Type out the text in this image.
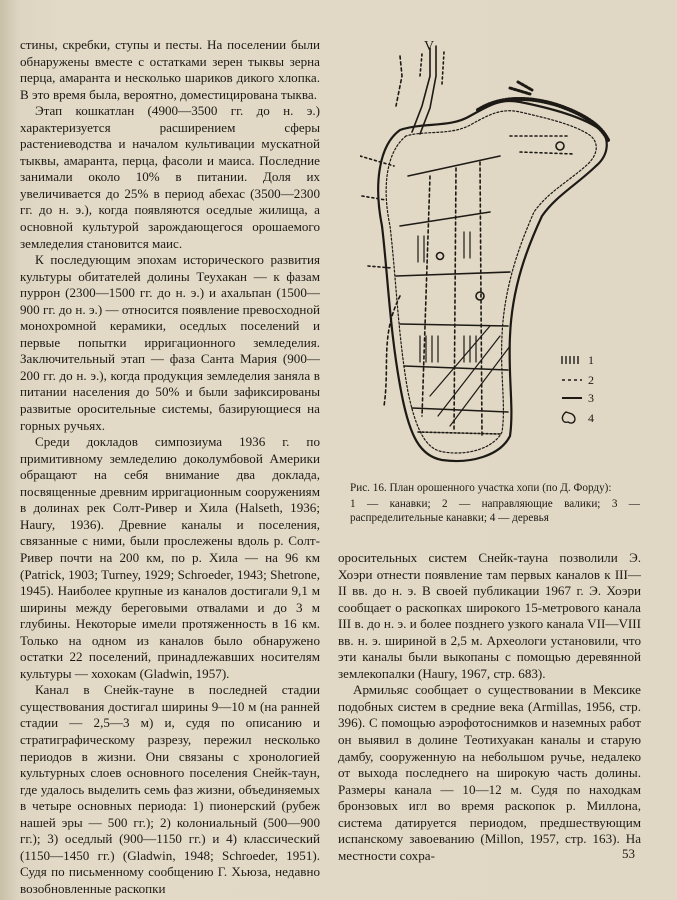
стины, скребки, ступы и песты. На поселении были обнаружены вместе с остатками зерен тыквы зерна перца, амаранта и несколько шариков дикого хлопка. В это время была, вероятно, доместицирована тыква.

Этап кошкатлан (4900—3500 гг. до н. э.) характеризуется расширением сферы растениеводства и началом культивации мускатной тыквы, амаранта, перца, фасоли и маиса. Последние занимали около 10% в питании. Доля их увеличивается до 25% в период абехас (3500—2300 гг. до н. э.), когда появляются оседлые жилища, а основной культурой зарождающегося орошаемого земледелия становится маис.

К последующим эпохам исторического развития культуры обитателей долины Теухакан — к фазам пуррон (2300—1500 гг. до н. э.) и ахальпан (1500—900 гг. до н. э.) — относится появление превосходной монохромной керамики, оседлых поселений и первые попытки ирригационного земледелия. Заключительный этап — фаза Санта Мария (900—200 гг. до н. э.), когда продукция земледелия заняла в питании населения до 50% и были зафиксированы развитые оросительные системы, базирующиеся на горных ручьях.

Среди докладов симпозиума 1936 г. по примитивному земледелию доколумбовой Америки обращают на себя внимание два доклада, посвященные древним ирригационным сооружениям в долинах рек Солт-Ривер и Хила (Halseth, 1936; Haury, 1936). Древние каналы и поселения, связанные с ними, были прослежены вдоль р. Солт-Ривер почти на 200 км, по р. Хила — на 96 км (Patrick, 1903; Turney, 1929; Schroeder, 1943; Shetrone, 1945). Наиболее крупные из каналов достигали 9,1 м ширины между береговыми отвалами и до 3 м глубины. Некоторые имели протяженность в 16 км. Только на одном из каналов было обнаружено остатки 22 поселений, принадлежавших носителям культуры — хохокам (Gladwin, 1957).

Канал в Снейк-тауне в последней стадии существования достигал ширины 9—10 м (на ранней стадии — 2,5—3 м) и, судя по описанию и стратиграфическому разрезу, пережил несколько периодов в жизни. Они связаны с хронологией культурных слоев основного поселения Снейк-таун, где удалось выделить семь фаз жизни, объединяемых в четыре основных периода: 1) пионерский (рубеж нашей эры — 500 гг.); 2) колониальный (500—900 гг.); 3) оседлый (900—1150 гг.) и 4) классический (1150—1450 гг.) (Gladwin, 1948; Schroeder, 1951). Судя по письменному сообщению Г. Хьюза, недавно возобновленные раскопки

V
1
2
3
4

Рис. 16. План орошенного участка хопи (по Д. Форду):

1 — канавки; 2 — направляющие валики; 3 — распределительные канавки; 4 — деревья

оросительных систем Снейк-тауна позволили Э. Хоэри отнести появление там первых каналов к III—II вв. до н. э. В своей публикации 1967 г. Э. Хоэри сообщает о раскопках широкого 15-метрового канала III в. до н. э. и более позднего узкого канала VII—VIII вв. н. э. шириной в 2,5 м. Археологи установили, что эти каналы были выкопаны с помощью деревянной землекопалки (Haury, 1967, стр. 683).

Армильяс сообщает о существовании в Мексике подобных систем в средние века (Armillas, 1956, стр. 396). С помощью аэрофотоснимков и наземных работ он выявил в долине Теотихуакан каналы и старую дамбу, сооруженную на небольшом ручье, недалеко от выхода последнего на широкую часть долины. Размеры канала — 10—12 м. Судя по находкам бронзовых игл во время раскопок р. Миллона, система датируется периодом, предшествующим испанскому завоеванию (Millon, 1957, стр. 163). На местности сохра-	53
